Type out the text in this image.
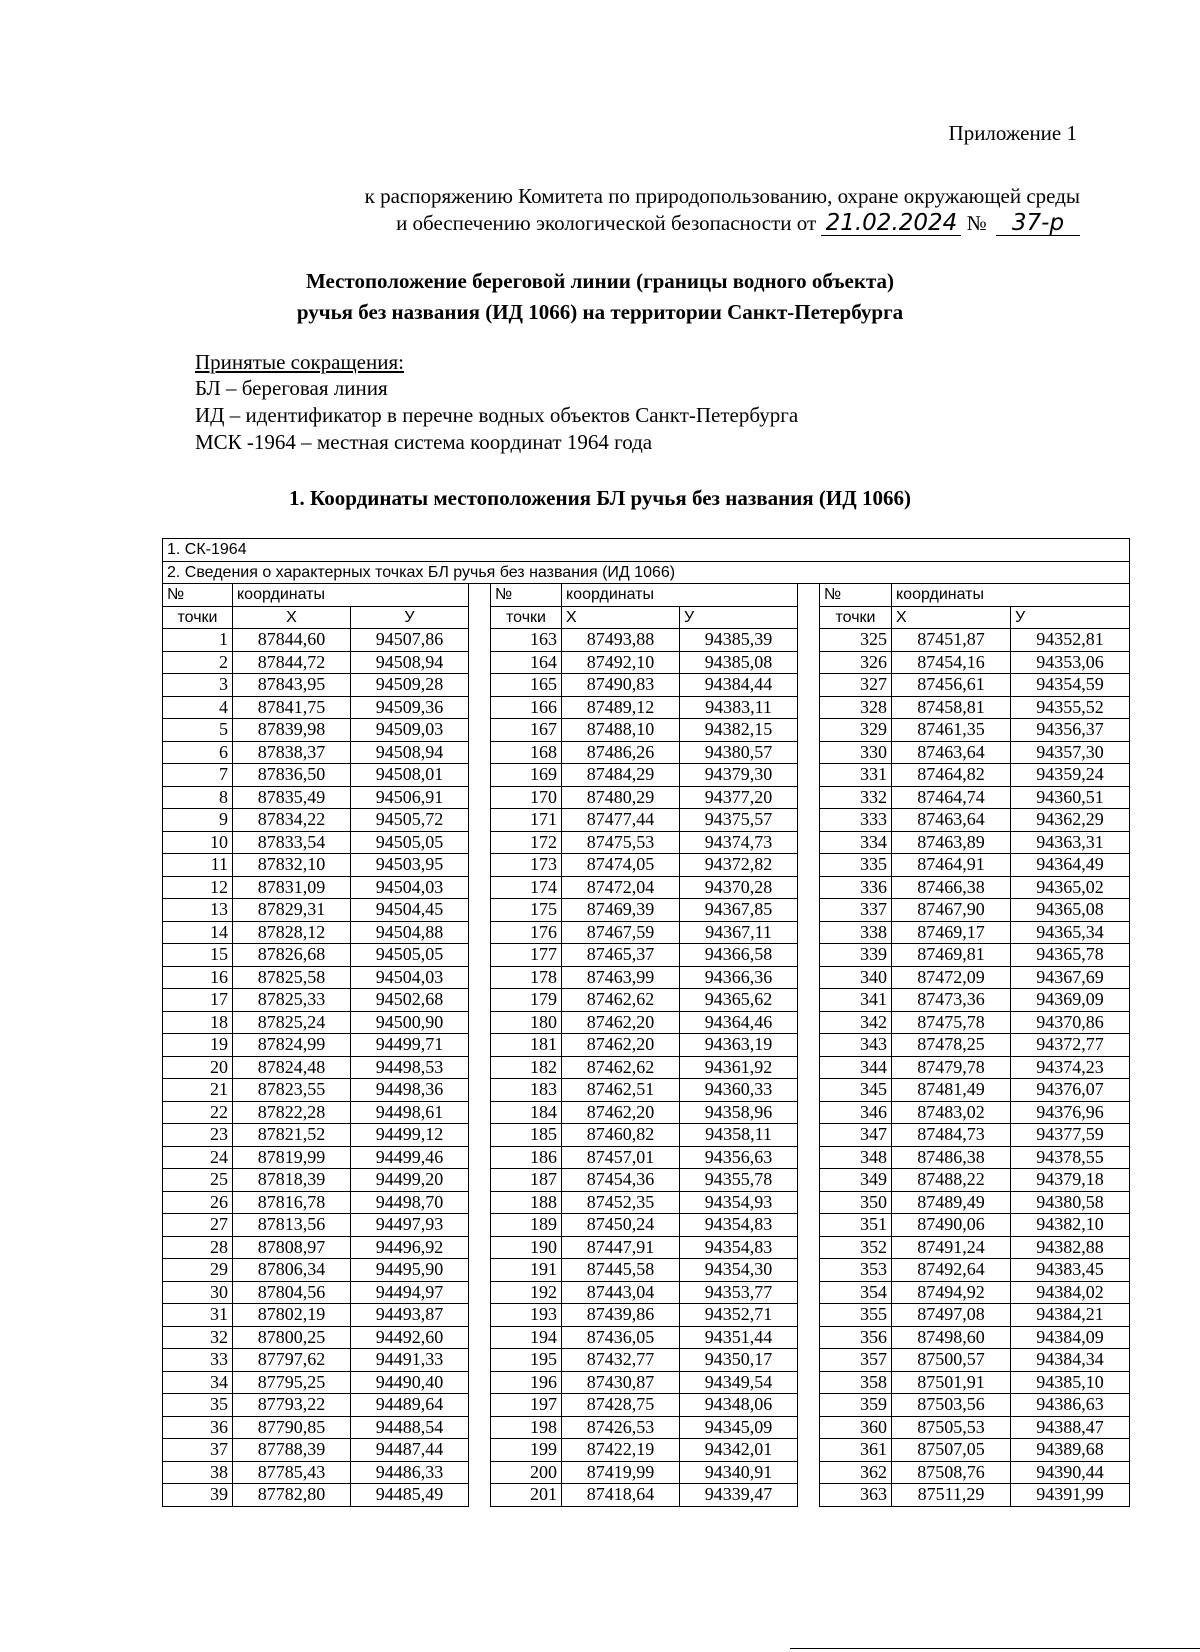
Приложение 1
к распоряжению Комитета по природопользованию, охране окружающей среды
и обеспечению экологической безопасности от 21.02.2024 № 37-р
Местоположение береговой линии (границы водного объекта)
ручья без названия (ИД 1066) на территории Санкт-Петербурга
Принятые сокращения:
БЛ – береговая линия
ИД – идентификатор в перечне водных объектов Санкт-Петербурга
МСК -1964 – местная система координат 1964 года
1. Координаты местоположения БЛ ручья без названия (ИД 1066)
1. СК-1964										
2. Сведения о характерных точках БЛ ручья без названия (ИД 1066)										
№	координаты			№	координаты			№	координаты	
точки	X	У		точки	X	У		точки	X	У
1	87844,60	94507,86		163	87493,88	94385,39		325	87451,87	94352,81
2	87844,72	94508,94		164	87492,10	94385,08		326	87454,16	94353,06
3	87843,95	94509,28		165	87490,83	94384,44		327	87456,61	94354,59
4	87841,75	94509,36		166	87489,12	94383,11		328	87458,81	94355,52
5	87839,98	94509,03		167	87488,10	94382,15		329	87461,35	94356,37
6	87838,37	94508,94		168	87486,26	94380,57		330	87463,64	94357,30
7	87836,50	94508,01		169	87484,29	94379,30		331	87464,82	94359,24
8	87835,49	94506,91		170	87480,29	94377,20		332	87464,74	94360,51
9	87834,22	94505,72		171	87477,44	94375,57		333	87463,64	94362,29
10	87833,54	94505,05		172	87475,53	94374,73		334	87463,89	94363,31
11	87832,10	94503,95		173	87474,05	94372,82		335	87464,91	94364,49
12	87831,09	94504,03		174	87472,04	94370,28		336	87466,38	94365,02
13	87829,31	94504,45		175	87469,39	94367,85		337	87467,90	94365,08
14	87828,12	94504,88		176	87467,59	94367,11		338	87469,17	94365,34
15	87826,68	94505,05		177	87465,37	94366,58		339	87469,81	94365,78
16	87825,58	94504,03		178	87463,99	94366,36		340	87472,09	94367,69
17	87825,33	94502,68		179	87462,62	94365,62		341	87473,36	94369,09
18	87825,24	94500,90		180	87462,20	94364,46		342	87475,78	94370,86
19	87824,99	94499,71		181	87462,20	94363,19		343	87478,25	94372,77
20	87824,48	94498,53		182	87462,62	94361,92		344	87479,78	94374,23
21	87823,55	94498,36		183	87462,51	94360,33		345	87481,49	94376,07
22	87822,28	94498,61		184	87462,20	94358,96		346	87483,02	94376,96
23	87821,52	94499,12		185	87460,82	94358,11		347	87484,73	94377,59
24	87819,99	94499,46		186	87457,01	94356,63		348	87486,38	94378,55
25	87818,39	94499,20		187	87454,36	94355,78		349	87488,22	94379,18
26	87816,78	94498,70		188	87452,35	94354,93		350	87489,49	94380,58
27	87813,56	94497,93		189	87450,24	94354,83		351	87490,06	94382,10
28	87808,97	94496,92		190	87447,91	94354,83		352	87491,24	94382,88
29	87806,34	94495,90		191	87445,58	94354,30		353	87492,64	94383,45
30	87804,56	94494,97		192	87443,04	94353,77		354	87494,92	94384,02
31	87802,19	94493,87		193	87439,86	94352,71		355	87497,08	94384,21
32	87800,25	94492,60		194	87436,05	94351,44		356	87498,60	94384,09
33	87797,62	94491,33		195	87432,77	94350,17		357	87500,57	94384,34
34	87795,25	94490,40		196	87430,87	94349,54		358	87501,91	94385,10
35	87793,22	94489,64		197	87428,75	94348,06		359	87503,56	94386,63
36	87790,85	94488,54		198	87426,53	94345,09		360	87505,53	94388,47
37	87788,39	94487,44		199	87422,19	94342,01		361	87507,05	94389,68
38	87785,43	94486,33		200	87419,99	94340,91		362	87508,76	94390,44
39	87782,80	94485,49		201	87418,64	94339,47		363	87511,29	94391,99
